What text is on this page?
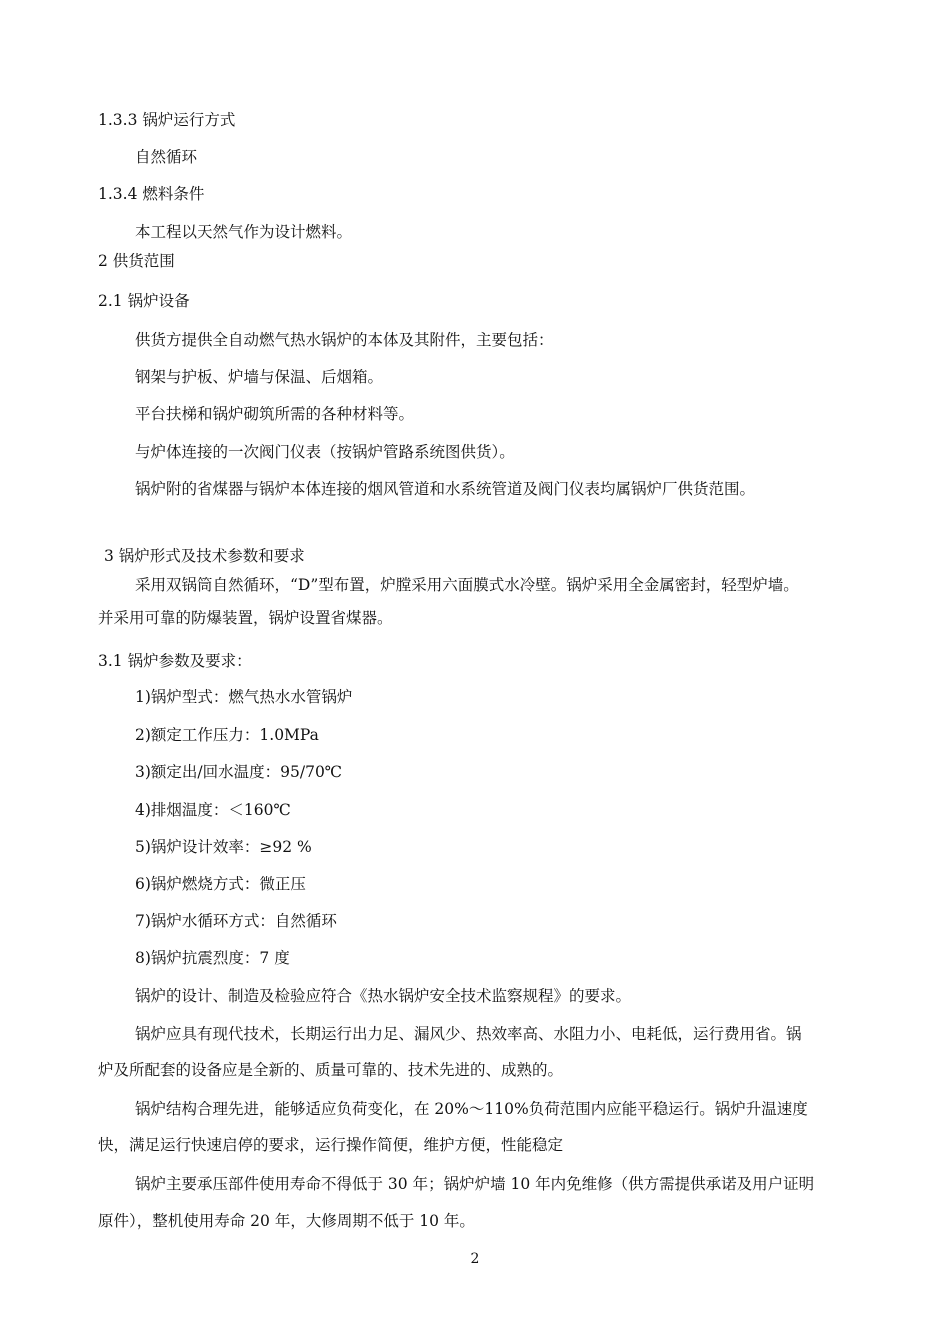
1.3.3 锅炉运行方式
自然循环
1.3.4 燃料条件
本工程以天然气作为设计燃料。
2 供货范围
2.1 锅炉设备
供货方提供全自动燃气热水锅炉的本体及其附件，主要包括：
钢架与护板、炉墙与保温、后烟箱。
平台扶梯和锅炉砌筑所需的各种材料等。
与炉体连接的一次阀门仪表（按锅炉管路系统图供货）。
锅炉附的省煤器与锅炉本体连接的烟风管道和水系统管道及阀门仪表均属锅炉厂供货范围。
3 锅炉形式及技术参数和要求
采用双锅筒自然循环，“D”型布置，炉膛采用六面膜式水冷壁。锅炉采用全金属密封，轻型炉墙。
并采用可靠的防爆装置，锅炉设置省煤器。
3.1 锅炉参数及要求：
1)锅炉型式：燃气热水水管锅炉
2)额定工作压力：1.0MPa
3)额定出/回水温度：95/70℃
4)排烟温度：＜160℃
5)锅炉设计效率：≥92 %
6)锅炉燃烧方式：微正压
7)锅炉水循环方式：自然循环
8)锅炉抗震烈度：7 度
锅炉的设计、制造及检验应符合《热水锅炉安全技术监察规程》的要求。
锅炉应具有现代技术，长期运行出力足、漏风少、热效率高、水阻力小、电耗低，运行费用省。锅
炉及所配套的设备应是全新的、质量可靠的、技术先进的、成熟的。
锅炉结构合理先进，能够适应负荷变化，在 20%～110%负荷范围内应能平稳运行。锅炉升温速度
快，满足运行快速启停的要求，运行操作简便，维护方便，性能稳定
锅炉主要承压部件使用寿命不得低于 30 年；锅炉炉墙 10 年内免维修（供方需提供承诺及用户证明
原件），整机使用寿命 20 年，大修周期不低于 10 年。
2
